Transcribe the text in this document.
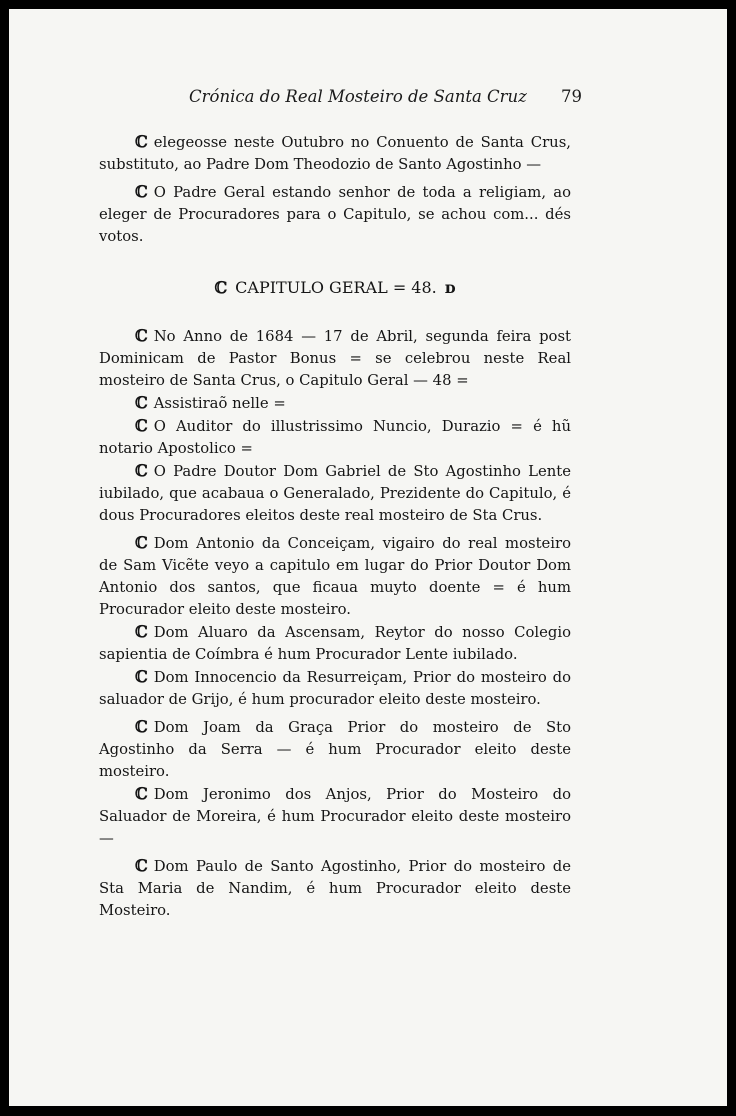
Crónica do Real Mosteiro de Santa Cruz 79

ℂ elegeosse neste Outubro no Conuento de Santa Crus, substituto, ao Padre Dom Theodozio de Santo Agostinho —

ℂ O Padre Geral estando senhor de toda a religiam, ao eleger de Procuradores para o Capitulo, se achou com... dés votos.

ℂ CAPITULO GERAL = 48. ᴅ

ℂ No Anno de 1684 — 17 de Abril, segunda feira post Dominicam de Pastor Bonus = se celebrou neste Real mosteiro de Santa Crus, o Capitulo Geral — 48 =

ℂ Assistiraõ nelle =

ℂ O Auditor do illustrissimo Nuncio, Durazio = é hũ notario Apostolico =

ℂ O Padre Doutor Dom Gabriel de Sto Agostinho Lente iubilado, que acabaua o Generalado, Prezidente do Capitulo, é dous Procuradores eleitos deste real mosteiro de Sta Crus.

ℂ Dom Antonio da Conceiçam, vigairo do real mosteiro de Sam Vicẽte veyo a capitulo em lugar do Prior Doutor Dom Antonio dos santos, que ficaua muyto doente = é hum Procurador eleito deste mosteiro.

ℂ Dom Aluaro da Ascensam, Reytor do nosso Colegio sapientia de Coímbra é hum Procurador Lente iubilado.

ℂ Dom Innocencio da Resurreiçam, Prior do mosteiro do saluador de Grijo, é hum procurador eleito deste mosteiro.

ℂ Dom Joam da Graça Prior do mosteiro de Sto Agostinho da Serra — é hum Procurador eleito deste mosteiro.

ℂ Dom Jeronimo dos Anjos, Prior do Mosteiro do Saluador de Moreira, é hum Procurador eleito deste mosteiro —

ℂ Dom Paulo de Santo Agostinho, Prior do mosteiro de Sta Maria de Nandim, é hum Procurador eleito deste Mosteiro.
